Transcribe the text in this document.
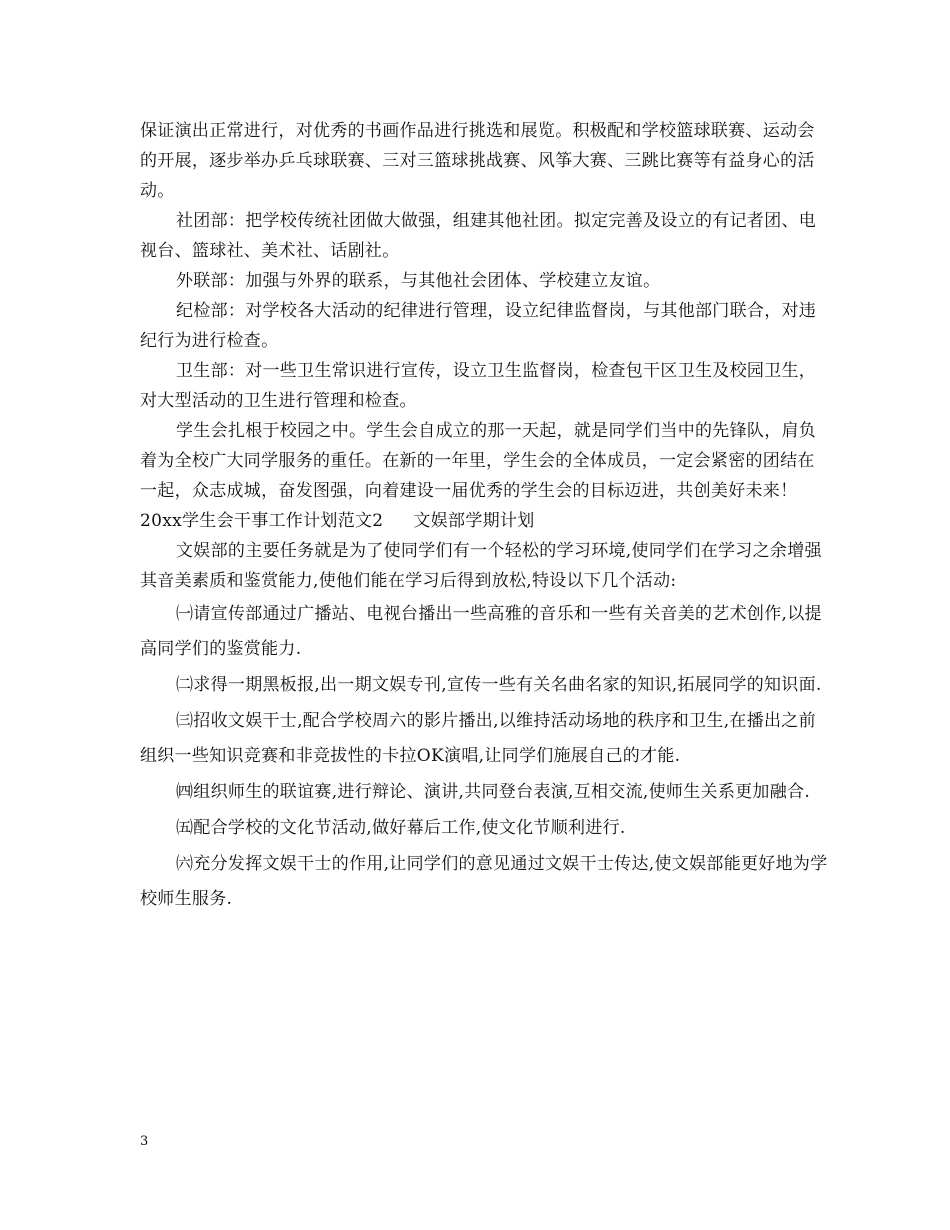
保证演出正常进行，对优秀的书画作品进行挑选和展览。积极配和学校篮球联赛、运动会的开展，逐步举办乒乓球联赛、三对三篮球挑战赛、风筝大赛、三跳比赛等有益身心的活动。

社团部：把学校传统社团做大做强，组建其他社团。拟定完善及设立的有记者团、电视台、篮球社、美术社、话剧社。

外联部：加强与外界的联系，与其他社会团体、学校建立友谊。

纪检部：对学校各大活动的纪律进行管理，设立纪律监督岗，与其他部门联合，对违纪行为进行检查。

卫生部：对一些卫生常识进行宣传，设立卫生监督岗，检查包干区卫生及校园卫生，对大型活动的卫生进行管理和检查。

学生会扎根于校园之中。学生会自成立的那一天起，就是同学们当中的先锋队，肩负着为全校广大同学服务的重任。在新的一年里，学生会的全体成员，一定会紧密的团结在一起，众志成城，奋发图强，向着建设一届优秀的学生会的目标迈进，共创美好未来！

20xx学生会干事工作计划范文2 文娱部学期计划

文娱部的主要任务就是为了使同学们有一个轻松的学习环境,使同学们在学习之余增强其音美素质和鉴赏能力,使他们能在学习后得到放松,特设以下几个活动:

㈠请宣传部通过广播站、电视台播出一些高雅的音乐和一些有关音美的艺术创作,以提高同学们的鉴赏能力.

㈡求得一期黑板报,出一期文娱专刊,宣传一些有关名曲名家的知识,拓展同学的知识面.

㈢招收文娱干士,配合学校周六的影片播出,以维持活动场地的秩序和卫生,在播出之前组织一些知识竞赛和非竞拔性的卡拉OK演唱,让同学们施展自己的才能.

㈣组织师生的联谊赛,进行辩论、演讲,共同登台表演,互相交流,使师生关系更加融合.

㈤配合学校的文化节活动,做好幕后工作,使文化节顺利进行.

㈥充分发挥文娱干士的作用,让同学们的意见通过文娱干士传达,使文娱部能更好地为学校师生服务.

3
